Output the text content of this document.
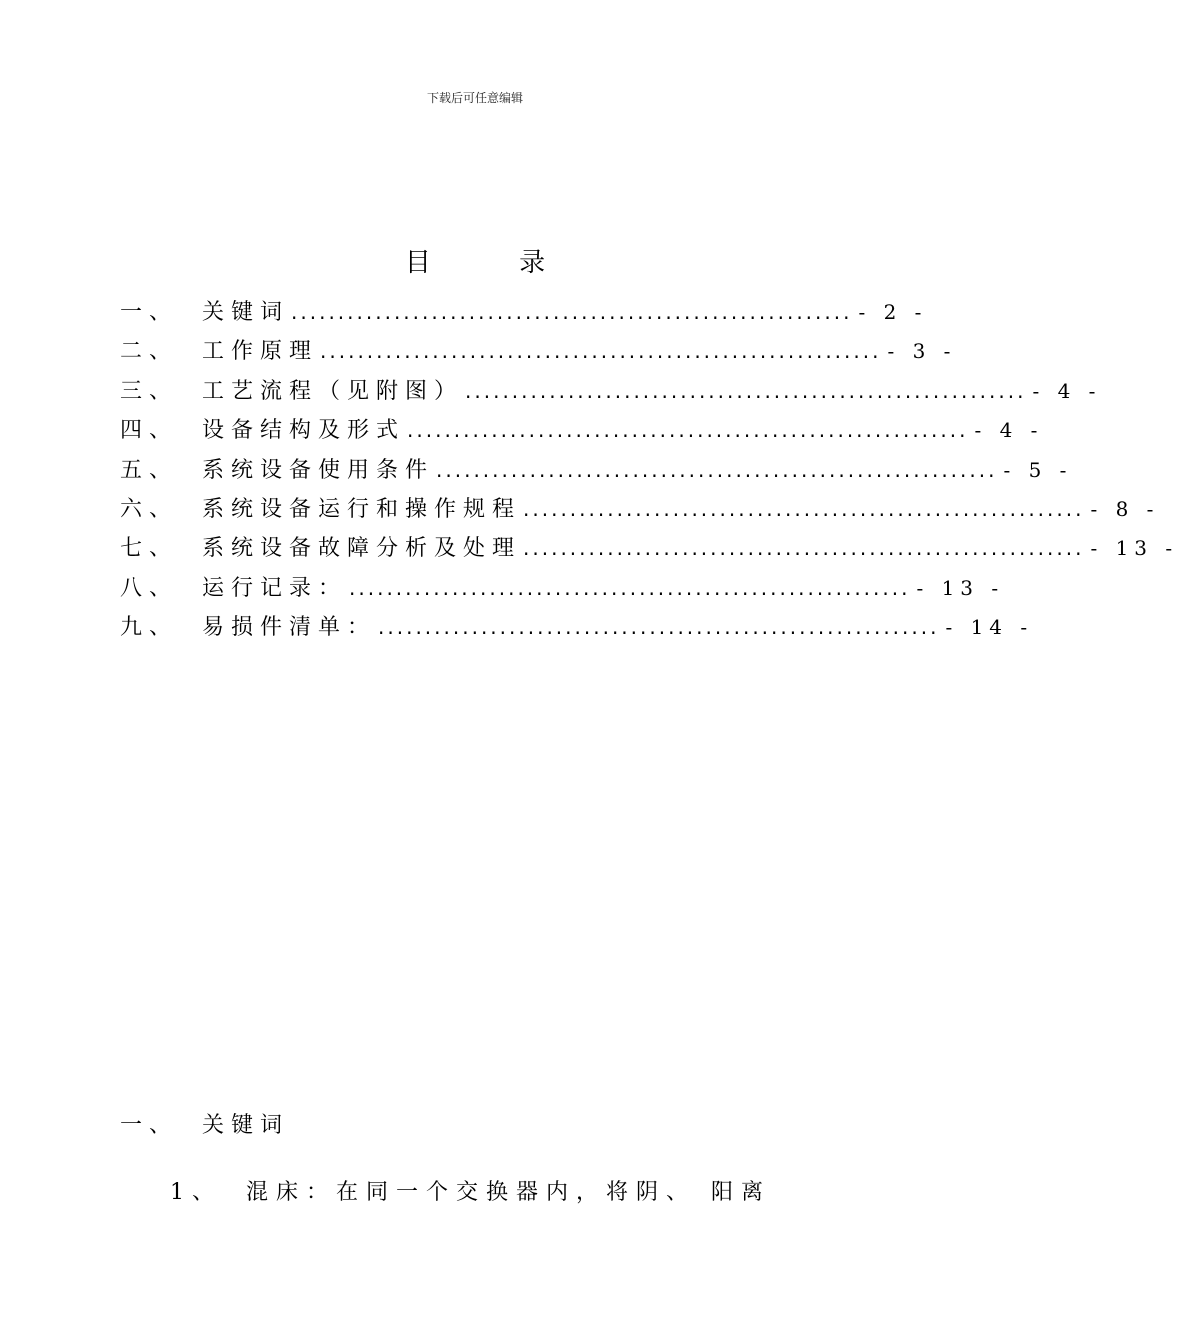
下载后可任意编辑
目 录
一、	关键词 ............................................................ - 2 -
二、	工作原理 ............................................................ - 3 -
三、	工艺流程（见附图） ............................................................ - 4 -
四、	设备结构及形式 ............................................................ - 4 -
五、	系统设备使用条件 ............................................................ - 5 -
六、	系统设备运行和操作规程 ............................................................ - 8 -
七、	系统设备故障分析及处理 ............................................................ - 13 -
八、	运行记录： ............................................................ - 13 -
九、	易损件清单： ............................................................ - 14 -
一、	关键词
1、 混床：在同一个交换器内，将阴、 阳离
